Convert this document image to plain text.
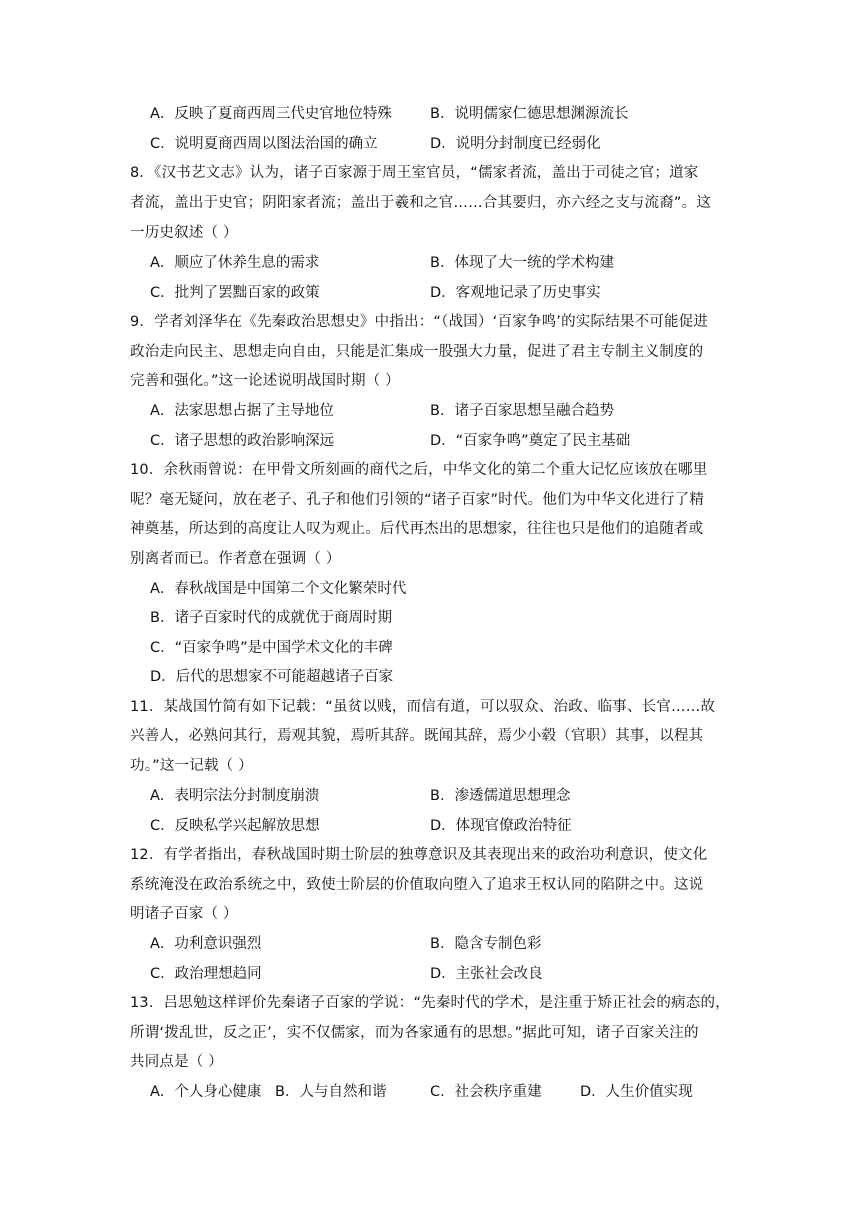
A．反映了夏商西周三代史官地位特殊	B．说明儒家仁德思想渊源流长
C．说明夏商西周以图法治国的确立	D．说明分封制度已经弱化
8．《汉书艺文志》认为，诸子百家源于周王室官员，“儒家者流，盖出于司徒之官；道家
者流，盖出于史官；阴阳家者流；盖出于羲和之官……合其要归，亦六经之支与流裔”。这
一历史叙述（ ）
A．顺应了休养生息的需求	B．体现了大一统的学术构建
C．批判了罢黜百家的政策	D．客观地记录了历史事实
9．学者刘泽华在《先秦政治思想史》中指出：“（战国）‘百家争鸣’的实际结果不可能促进
政治走向民主、思想走向自由，只能是汇集成一股强大力量，促进了君主专制主义制度的
完善和强化。”这一论述说明战国时期（ ）
A．法家思想占据了主导地位	B．诸子百家思想呈融合趋势
C．诸子思想的政治影响深远	D．“百家争鸣”奠定了民主基础
10．余秋雨曾说：在甲骨文所刻画的商代之后，中华文化的第二个重大记忆应该放在哪里
呢？毫无疑问，放在老子、孔子和他们引领的“诸子百家”时代。他们为中华文化进行了精
神奠基，所达到的高度让人叹为观止。后代再杰出的思想家，往往也只是他们的追随者或
别离者而已。作者意在强调（ ）
A．春秋战国是中国第二个文化繁荣时代
B．诸子百家时代的成就优于商周时期
C．“百家争鸣”是中国学术文化的丰碑
D．后代的思想家不可能超越诸子百家
11．某战国竹简有如下记载：“虽贫以贱，而信有道，可以驭众、治政、临事、长官……故
兴善人，必熟问其行，焉观其貌，焉听其辞。既闻其辞，焉少小毂（官职）其事，以程其
功。”这一记载（ ）
A．表明宗法分封制度崩溃	B．渗透儒道思想理念
C．反映私学兴起解放思想	D．体现官僚政治特征
12．有学者指出，春秋战国时期士阶层的独尊意识及其表现出来的政治功利意识，使文化
系统淹没在政治系统之中，致使士阶层的价值取向堕入了追求王权认同的陷阱之中。这说
明诸子百家（ ）
A．功利意识强烈	B．隐含专制色彩
C．政治理想趋同	D．主张社会改良
13．吕思勉这样评价先秦诸子百家的学说：“先秦时代的学术，是注重于矫正社会的病态的，
所谓‘拨乱世，反之正’，实不仅儒家，而为各家通有的思想。”据此可知，诸子百家关注的
共同点是（ ）
A．个人身心健康 B．人与自然和谐	C．社会秩序重建	D．人生价值实现
